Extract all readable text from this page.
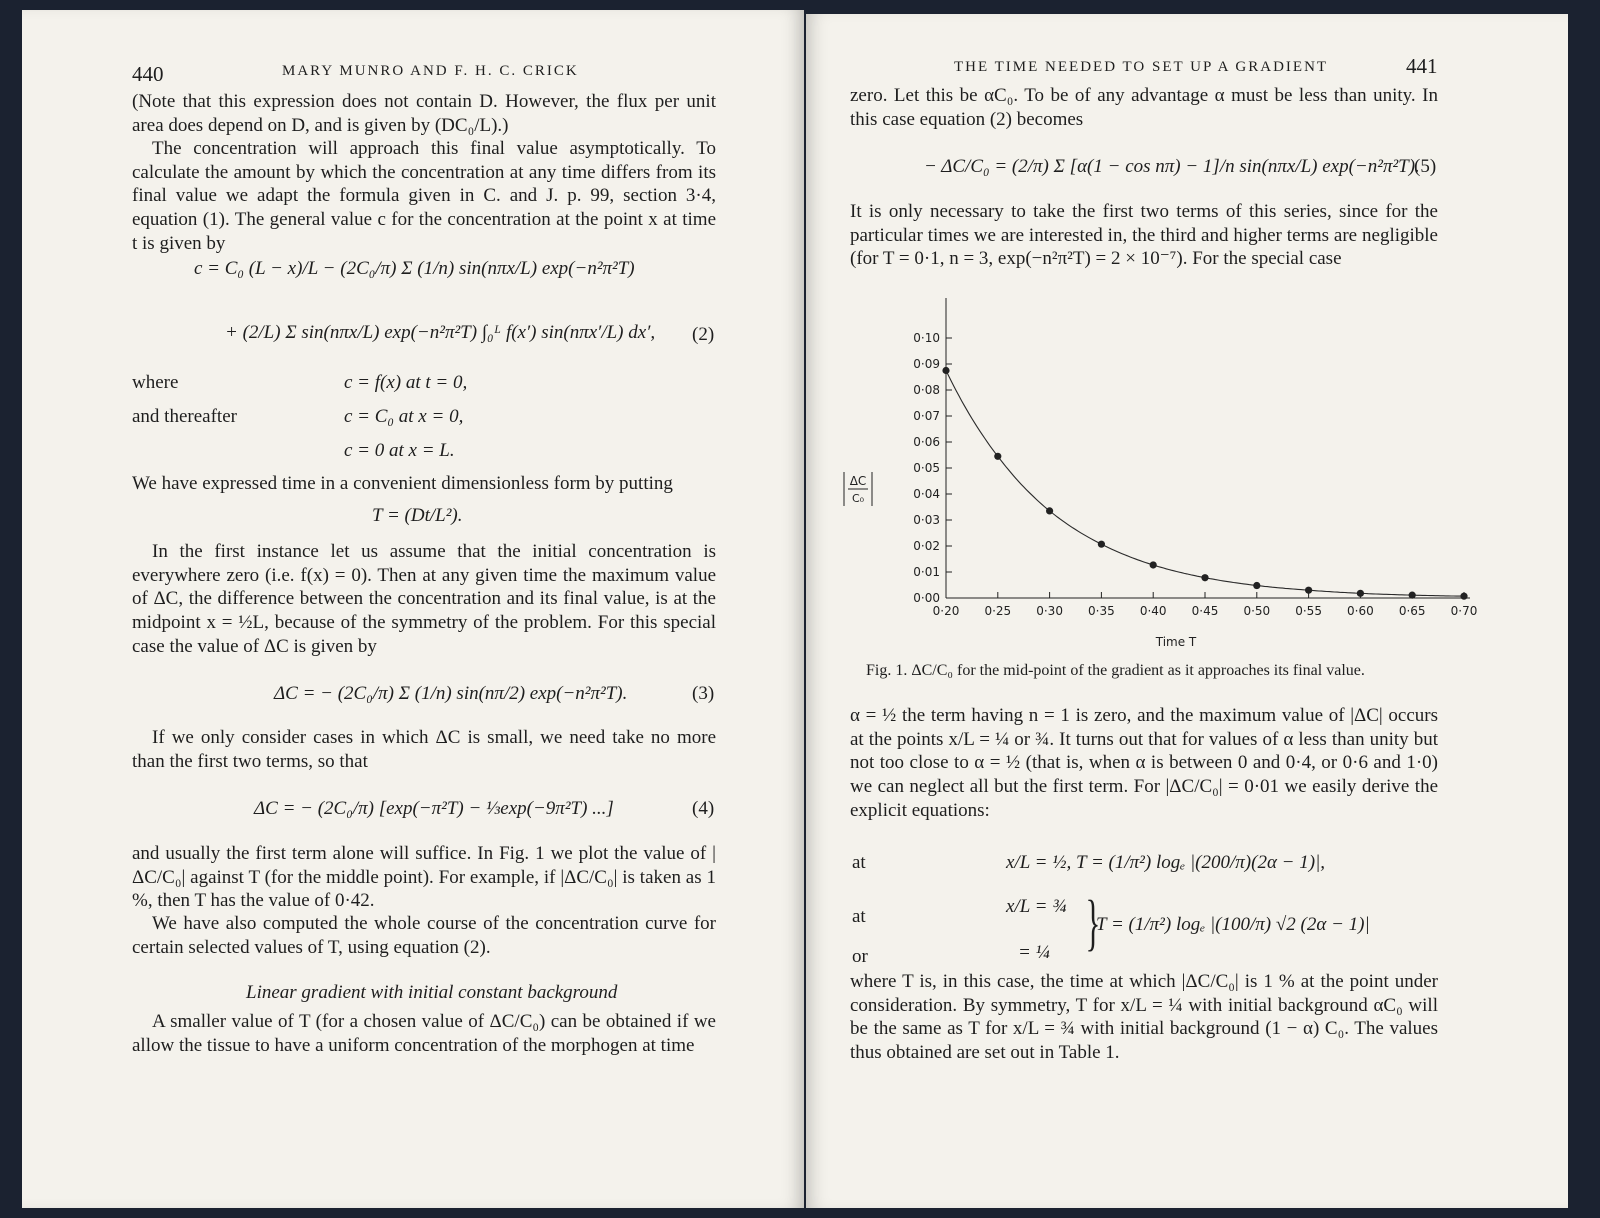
440	MARY MUNRO AND F. H. C. CRICK
(Note that this expression does not contain D. However, the flux per unit area does depend on D, and is given by (DC₀/L).)
The concentration will approach this final value asymptotically. To calculate the amount by which the concentration at any time differs from its final value we adapt the formula given in C. and J. p. 99, section 3·4, equation (1). The general value c for the concentration at the point x at time t is given by
c = C₀ (L − x)/L − (2C₀/π) Σ (1/n) sin(nπx/L) exp(−n²π²T)
+ (2/L) Σ sin(nπx/L) exp(−n²π²T) ∫₀ᴸ f(x′) sin(nπx′/L) dx′, (2)
where	c = f(x) at t = 0,
and thereafter	c = C₀ at x = 0,
c = 0 at x = L.
We have expressed time in a convenient dimensionless form by putting
T = (Dt/L²).
In the first instance let us assume that the initial concentration is everywhere zero (i.e. f(x) = 0). Then at any given time the maximum value of ΔC, the difference between the concentration and its final value, is at the midpoint x = ½L, because of the symmetry of the problem. For this special case the value of ΔC is given by
ΔC = − (2C₀/π) Σ (1/n) sin(nπ/2) exp(−n²π²T).	(3)
If we only consider cases in which ΔC is small, we need take no more than the first two terms, so that
ΔC = − (2C₀/π) [exp(−π²T) − ⅓exp(−9π²T) ...]	(4)
and usually the first term alone will suffice. In Fig. 1 we plot the value of |ΔC/C₀| against T (for the middle point). For example, if |ΔC/C₀| is taken as 1 %, then T has the value of 0·42.
We have also computed the whole course of the concentration curve for certain selected values of T, using equation (2).
Linear gradient with initial constant background
A smaller value of T (for a chosen value of ΔC/C₀) can be obtained if we allow the tissue to have a uniform concentration of the morphogen at time
THE TIME NEEDED TO SET UP A GRADIENT	441
zero. Let this be αC₀. To be of any advantage α must be less than unity. In this case equation (2) becomes
− ΔC/C₀ = (2/π) Σ [α(1 − cos nπ) − 1]/n sin(nπx/L) exp(−n²π²T).
(5)
It is only necessary to take the first two terms of this series, since for the particular times we are interested in, the third and higher terms are negligible (for T = 0·1, n = 3, exp(−n²π²T) = 2 × 10⁻⁷). For the special case
0·00
0·01
0·02
0·03
0·04
0·05
0·06
0·07
0·08
0·09
0·10
0·20 0·25 0·30 0·35 0·40 0·45 0·50 0·55 0·60 0·65 0·70
ΔC
C₀
Time T
Fig. 1. ΔC/C₀ for the mid-point of the gradient as it approaches its final value.
α = ½ the term having n = 1 is zero, and the maximum value of |ΔC| occurs at the points x/L = ¼ or ¾. It turns out that for values of α less than unity but not too close to α = ½ (that is, when α is between 0 and 0·4, or 0·6 and 1·0) we can neglect all but the first term. For |ΔC/C₀| = 0·01 we easily derive the explicit equations:
at	x/L = ½, T = (1/π²) logₑ |(200/π)(2α − 1)|,
at
or
x/L = ¾
= ¼ }
T = (1/π²) logₑ |(100/π) √2 (2α − 1)|
where T is, in this case, the time at which |ΔC/C₀| is 1 % at the point under consideration. By symmetry, T for x/L = ¼ with initial background αC₀ will be the same as T for x/L = ¾ with initial background (1 − α) C₀. The values thus obtained are set out in Table 1.
